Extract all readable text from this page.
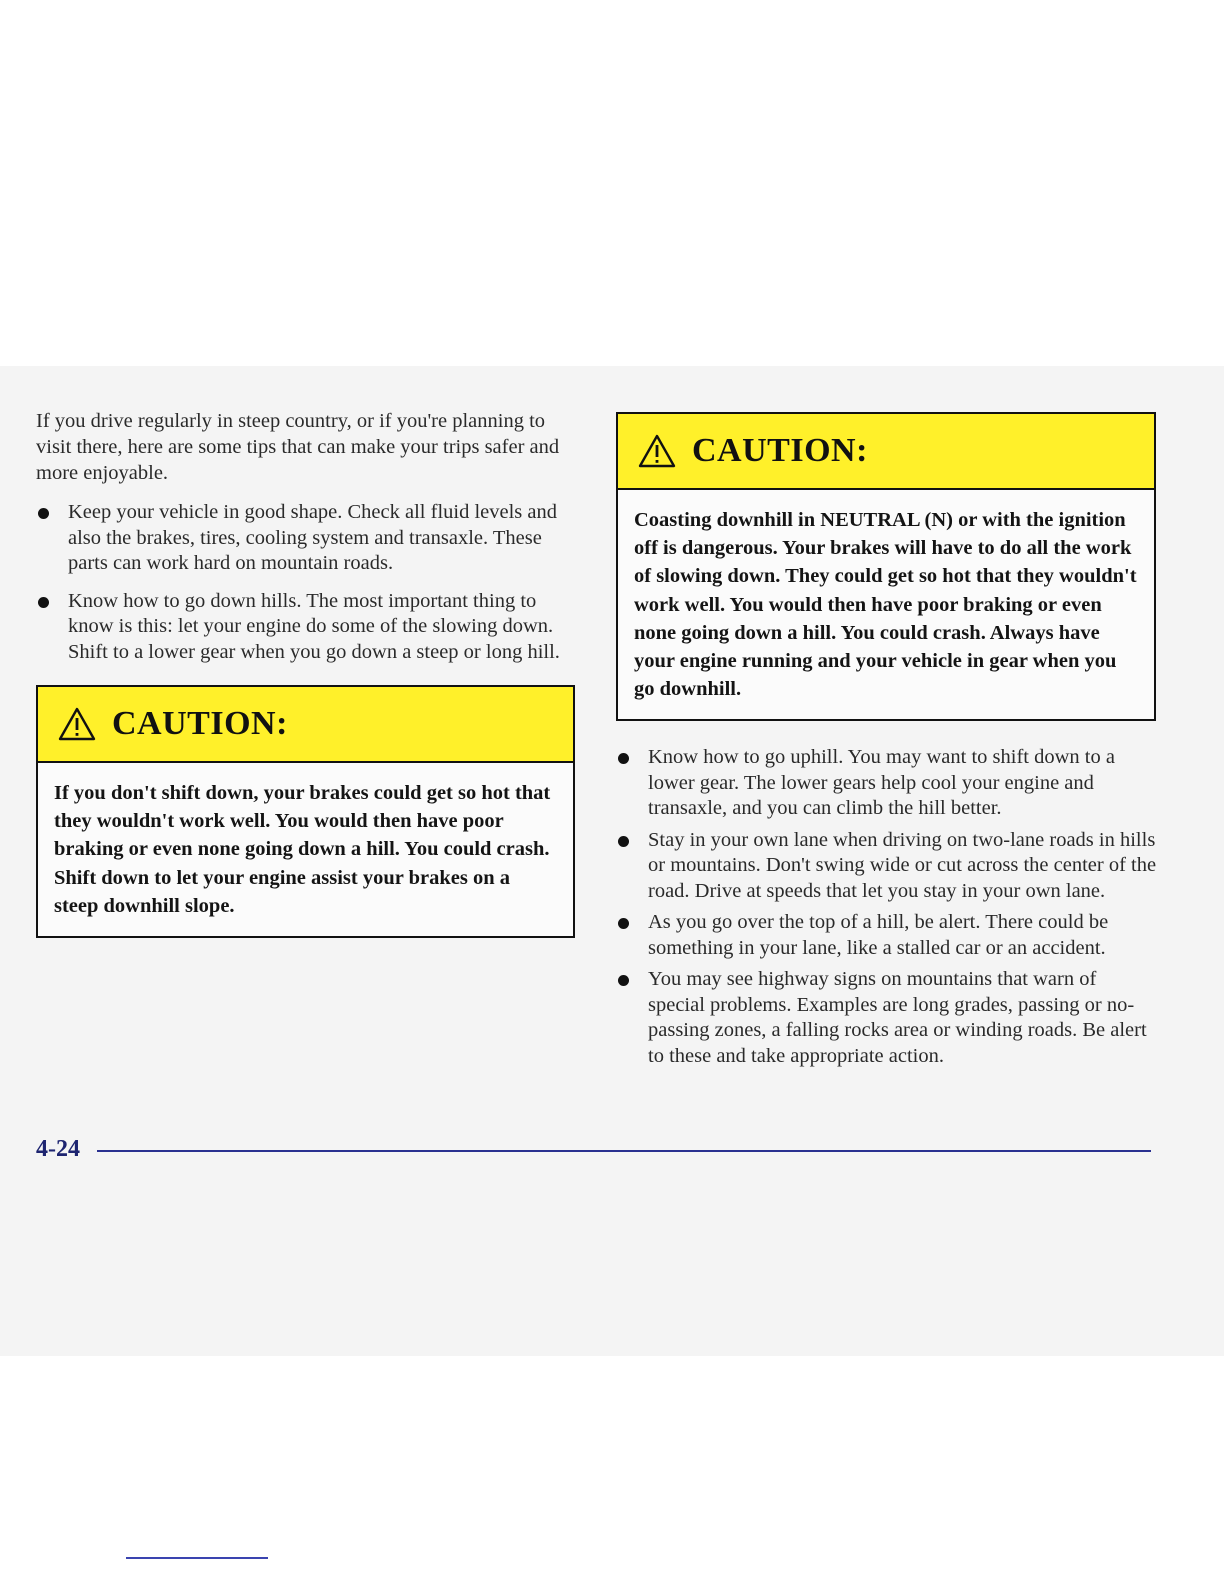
If you drive regularly in steep country, or if you're planning to visit there, here are some tips that can make your trips safer and more enjoyable.

Keep your vehicle in good shape. Check all fluid levels and also the brakes, tires, cooling system and transaxle. These parts can work hard on mountain roads.
Know how to go down hills. The most important thing to know is this: let your engine do some of the slowing down. Shift to a lower gear when you go down a steep or long hill.
CAUTION:

If you don't shift down, your brakes could get so hot that they wouldn't work well. You would then have poor braking or even none going down a hill. You could crash. Shift down to let your engine assist your brakes on a steep downhill slope.

CAUTION:

Coasting downhill in NEUTRAL (N) or with the ignition off is dangerous. Your brakes will have to do all the work of slowing down. They could get so hot that they wouldn't work well. You would then have poor braking or even none going down a hill. You could crash. Always have your engine running and your vehicle in gear when you go downhill.

Know how to go uphill. You may want to shift down to a lower gear. The lower gears help cool your engine and transaxle, and you can climb the hill better.
Stay in your own lane when driving on two-lane roads in hills or mountains. Don't swing wide or cut across the center of the road. Drive at speeds that let you stay in your own lane.
As you go over the top of a hill, be alert. There could be something in your lane, like a stalled car or an accident.
You may see highway signs on mountains that warn of special problems. Examples are long grades, passing or no-passing zones, a falling rocks area or winding roads. Be alert to these and take appropriate action.
4-24
